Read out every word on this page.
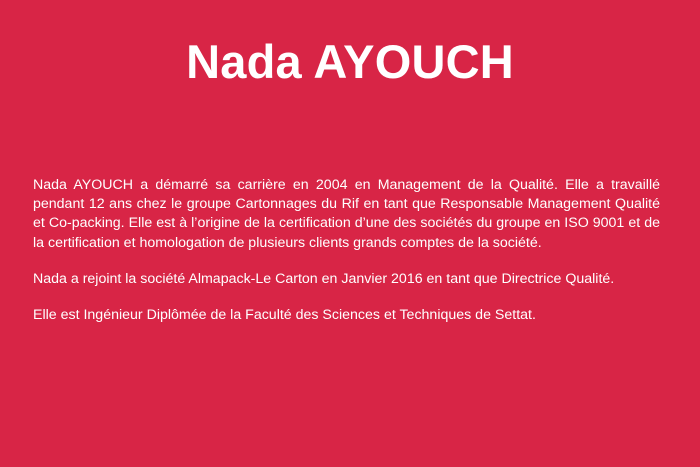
Nada AYOUCH

Nada AYOUCH a démarré sa carrière en 2004 en Management de la Qualité. Elle a travaillé pendant 12 ans chez le groupe Cartonnages du Rif en tant que Responsable Management Qualité et Co-packing. Elle est à l’origine de la certification d’une des sociétés du groupe en ISO 9001 et de la certification et homologation de plusieurs clients grands comptes de la société.

Nada a rejoint la société Almapack-Le Carton en Janvier 2016 en tant que Directrice Qualité.

Elle est Ingénieur Diplômée de la Faculté des Sciences et Techniques de Settat.
